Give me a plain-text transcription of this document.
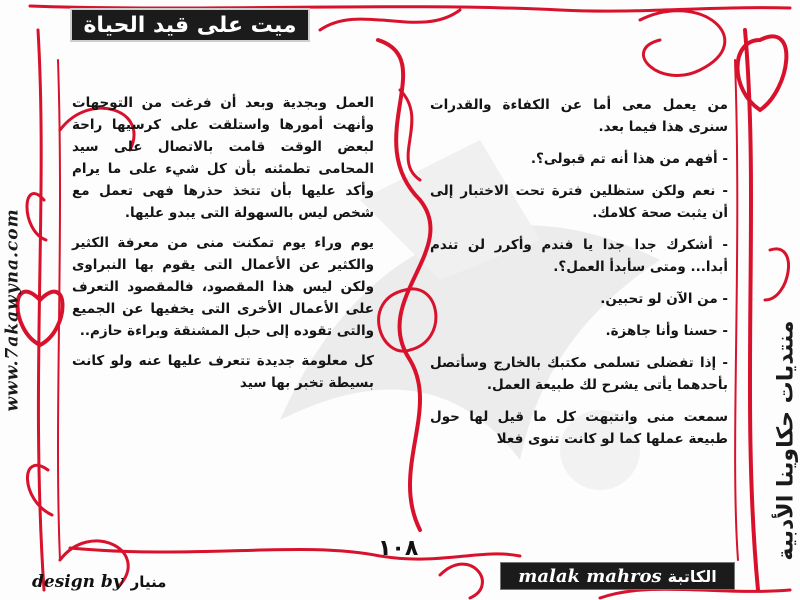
ميت على قيد الحياة
www.7akawyna.com
منتديات حكاوينا الأدبية

العمل وبجدية وبعد أن فرغت من التوجهات وأنهت أمورها واستلقت على كرسيها راحة لبعض الوقت قامت بالاتصال على سيد المحامى تطمئنه بأن كل شيء على ما يرام وأكد عليها بأن تتخذ حذرها فهى تعمل مع شخص ليس بالسهولة التى يبدو عليها.

يوم وراء يوم تمكنت منى من معرفة الكثير والكثير عن الأعمال التى يقوم بها النبراوى ولكن ليس هذا المقصود، فالمقصود التعرف على الأعمال الأخرى التى يخفيها عن الجميع والتى تقوده إلى حبل المشنقة وبراءة حازم..

كل معلومة جديدة تتعرف عليها عنه ولو كانت بسيطة تخبر بها سيد

من يعمل معى أما عن الكفاءة والقدرات سنرى هذا فيما بعد.

- أفهم من هذا أنه تم قبولى؟.

- نعم ولكن ستظلين فترة تحت الاختبار إلى أن يثبت صحة كلامك.

- أشكرك جدا جدا يا فندم وأكرر لن تندم أبدا... ومتى سأبدأ العمل؟.

- من الآن لو تحبين.

- حسنا وأنا جاهزة.

- إذا تفضلى تسلمى مكتبك بالخارج وسأتصل بأحدهما يأتى يشرح لك طبيعة العمل.

سمعت منى وانتبهت كل ما قيل لها حول طبيعة عملها كما لو كانت تنوى فعلا

١٠٨
malak mahros الكاتبة
design by منيار
